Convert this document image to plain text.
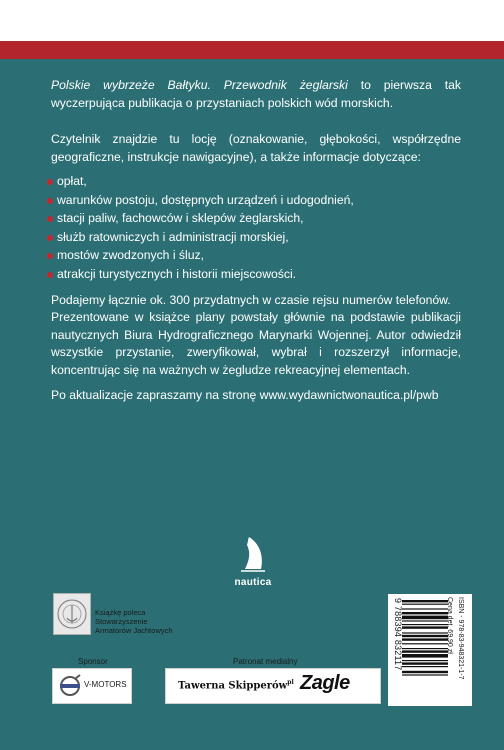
Polskie wybrzeże Bałtyku. Przewodnik żeglarski to pierwsza tak wyczerpująca publikacja o przystaniach polskich wód morskich.

Czytelnik znajdzie tu locję (oznakowanie, głębokości, współrzędne geograficzne, instrukcje nawigacyjne), a także informacje dotyczące:

opłat,
warunków postoju, dostępnych urządzeń i udogodnień,
stacji paliw, fachowców i sklepów żeglarskich,
służb ratowniczych i administracji morskiej,
mostów zwodzonych i śluz,
atrakcji turystycznych i historii miejscowości.

Podajemy łącznie ok. 300 przydatnych w czasie rejsu numerów telefonów.

Prezentowane w książce plany powstały głównie na podstawie publikacji nautycznych Biura Hydrograficznego Marynarki Wojennej. Autor odwiedził wszystkie przystanie, zweryfikował, wybrał i rozszerzył informacje, koncentrując się na ważnych w żegludze rekreacyjnej elementach.

Po aktualizacje zapraszamy na stronę www.wydawnictwonautica.pl/pwb

nautica
Książkę poleca
Stowarzyszenie
Armatorów Jachtowych
Sponsor
V-MOTORS
Patronat medialny
Tawerna Skipperów$^{pl}$ Zagle
9 788394 832117	Cena det. 69,90 zł ISBN - 978-83-948321-1-7
